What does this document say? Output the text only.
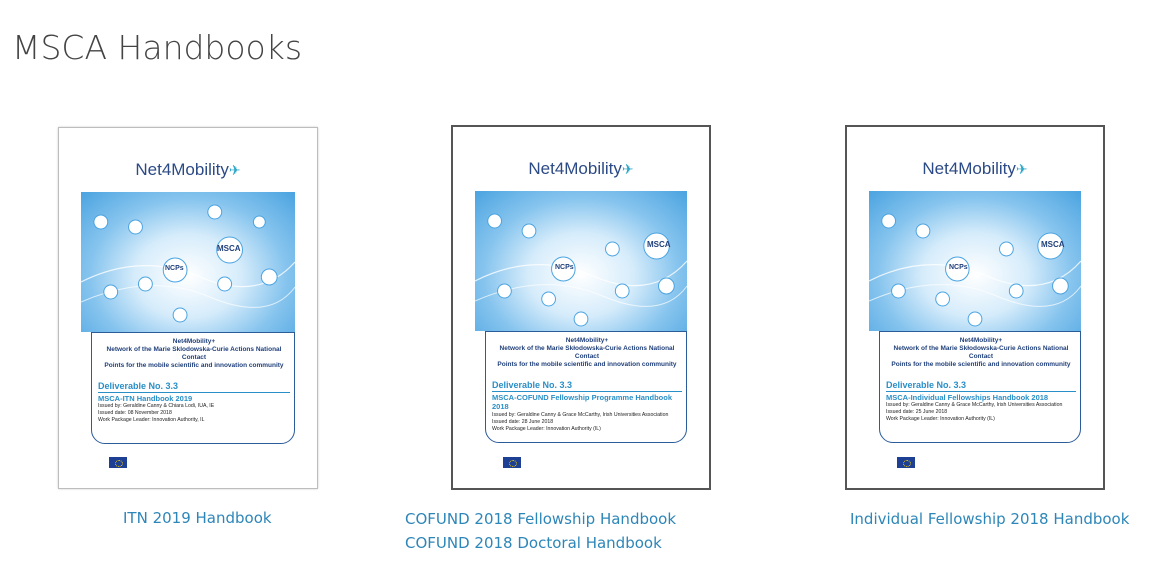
MSCA Handbooks
Net4Mobility✈
MSCA
NCPs
Net4Mobility+
Network of the Marie Sklodowska-Curie Actions National Contact
Points for the mobile scientific and innovation community
Deliverable No. 3.3
MSCA-ITN Handbook 2019
Issued by: Geraldine Canny & Chiara Lodi, IUA, IE
Issued date: 08 November 2018
Work Package Leader: Innovation Authority, IL
Net4Mobility✈
MSCA
NCPs
Net4Mobility+
Network of the Marie Skłodowska-Curie Actions National Contact
Points for the mobile scientific and innovation community
Deliverable No. 3.3
MSCA-COFUND Fellowship Programme Handbook 2018
Issued by: Geraldine Canny & Grace McCarthy, Irish Universities Association
Issued date: 28 June 2018
Work Package Leader: Innovation Authority (IL)
Net4Mobility✈
MSCA
NCPs
Net4Mobility+
Network of the Marie Skłodowska-Curie Actions National Contact
Points for the mobile scientific and innovation community
Deliverable No. 3.3
MSCA-Individual Fellowships Handbook 2018
Issued by: Geraldine Canny & Grace McCarthy, Irish Universities Association
Issued date: 25 June 2018
Work Package Leader: Innovation Authority (IL)
ITN 2019 Handbook	COFUND 2018 Fellowship Handbook
COFUND 2018 Doctoral Handbook
Individual Fellowship 2018 Handbook
